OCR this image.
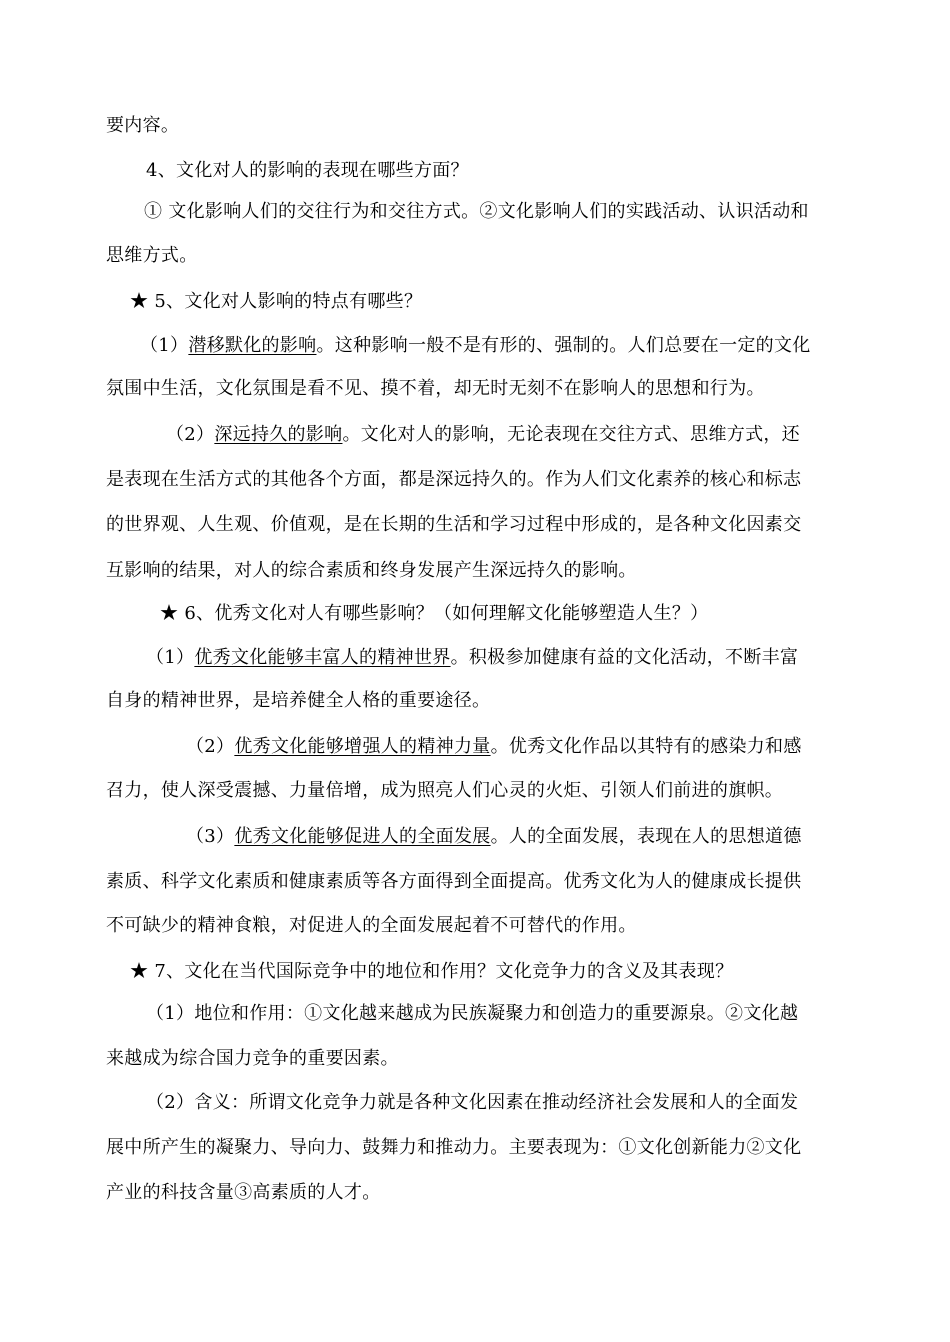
要内容。
4、文化对人的影响的表现在哪些方面？
① 文化影响人们的交往行为和交往方式。②文化影响人们的实践活动、认识活动和
思维方式。
★ 5、文化对人影响的特点有哪些？
（1）潜移默化的影响。这种影响一般不是有形的、强制的。人们总要在一定的文化
氛围中生活，文化氛围是看不见、摸不着，却无时无刻不在影响人的思想和行为。
（2）深远持久的影响。文化对人的影响，无论表现在交往方式、思维方式，还
是表现在生活方式的其他各个方面，都是深远持久的。作为人们文化素养的核心和标志
的世界观、人生观、价值观，是在长期的生活和学习过程中形成的，是各种文化因素交
互影响的结果，对人的综合素质和终身发展产生深远持久的影响。
★ 6、优秀文化对人有哪些影响？（如何理解文化能够塑造人生？）
（1）优秀文化能够丰富人的精神世界。积极参加健康有益的文化活动，不断丰富
自身的精神世界，是培养健全人格的重要途径。
（2）优秀文化能够增强人的精神力量。优秀文化作品以其特有的感染力和感
召力，使人深受震撼、力量倍增，成为照亮人们心灵的火炬、引领人们前进的旗帜。
（3）优秀文化能够促进人的全面发展。人的全面发展，表现在人的思想道德
素质、科学文化素质和健康素质等各方面得到全面提高。优秀文化为人的健康成长提供
不可缺少的精神食粮，对促进人的全面发展起着不可替代的作用。
★ 7、文化在当代国际竞争中的地位和作用？文化竞争力的含义及其表现？
（1）地位和作用：①文化越来越成为民族凝聚力和创造力的重要源泉。②文化越
来越成为综合国力竞争的重要因素。
（2）含义：所谓文化竞争力就是各种文化因素在推动经济社会发展和人的全面发
展中所产生的凝聚力、导向力、鼓舞力和推动力。主要表现为：①文化创新能力②文化
产业的科技含量③高素质的人才。
